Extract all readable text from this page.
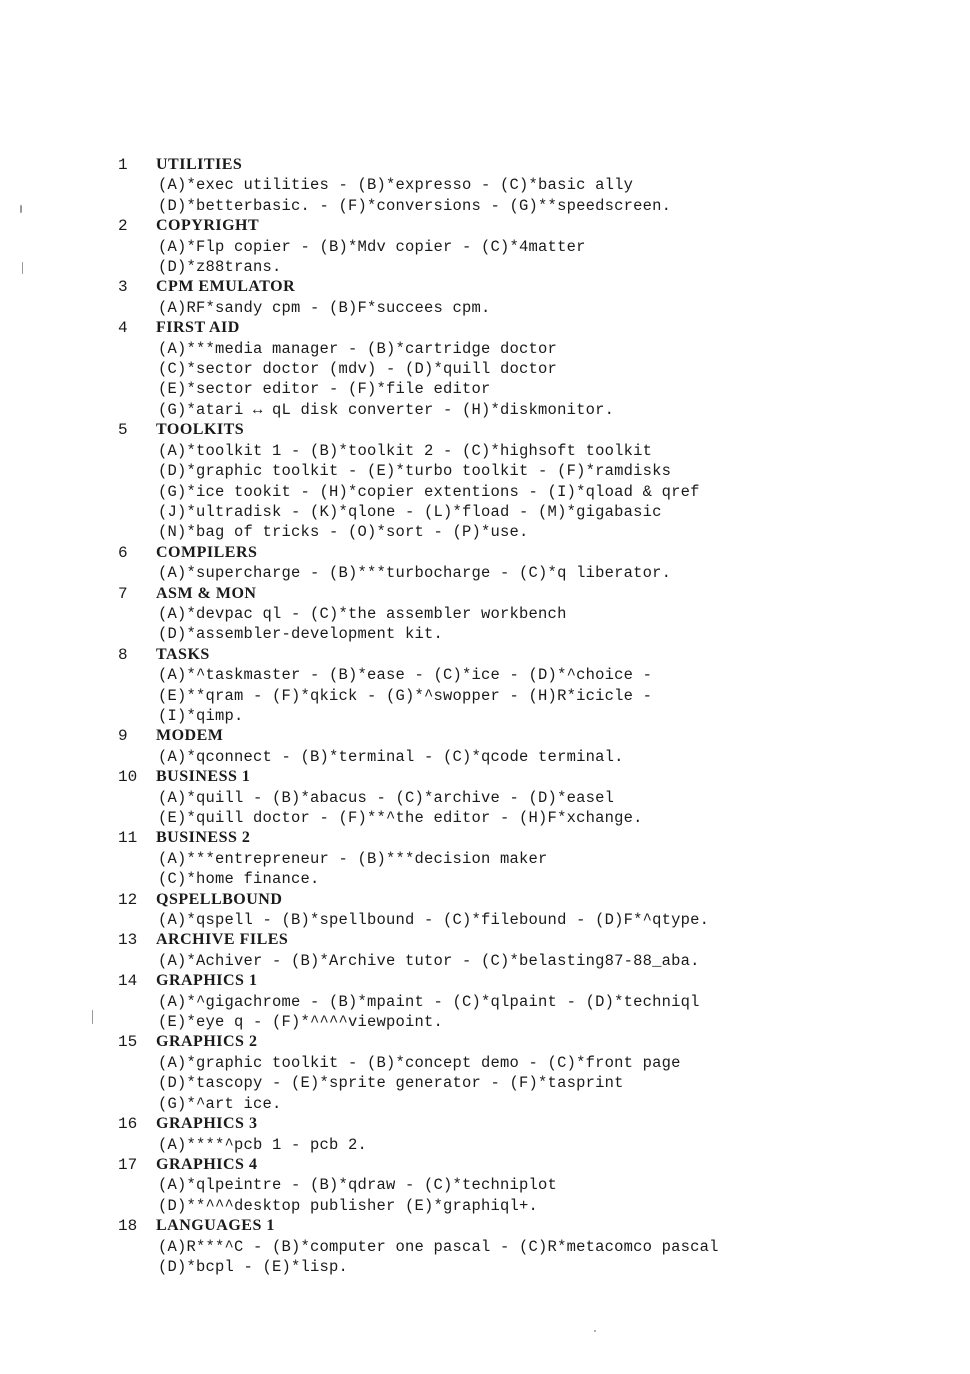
1	UTILITIES
(A)*exec utilities - (B)*expresso - (C)*basic ally
(D)*betterbasic. - (F)*conversions - (G)**speedscreen.
2	COPYRIGHT
(A)*Flp copier - (B)*Mdv copier - (C)*4matter
(D)*z88trans.
3	CPM EMULATOR
(A)RF*sandy cpm - (B)F*succees cpm.
4	FIRST AID
(A)***media manager - (B)*cartridge doctor
(C)*sector doctor (mdv) - (D)*quill doctor
(E)*sector editor - (F)*file editor
(G)*atari ↔ qL disk converter - (H)*diskmonitor.
5	TOOLKITS
(A)*toolkit 1 - (B)*toolkit 2 - (C)*highsoft toolkit
(D)*graphic toolkit - (E)*turbo toolkit - (F)*ramdisks
(G)*ice tookit - (H)*copier extentions - (I)*qload & qref
(J)*ultradisk - (K)*qlone - (L)*fload - (M)*gigabasic
(N)*bag of tricks - (O)*sort - (P)*use.
6	COMPILERS
(A)*supercharge - (B)***turbocharge - (C)*q liberator.
7	ASM & MON
(A)*devpac ql - (C)*the assembler workbench
(D)*assembler-development kit.
8	TASKS
(A)*^taskmaster - (B)*ease - (C)*ice - (D)*^choice -
(E)**qram - (F)*qkick - (G)*^swopper - (H)R*icicle -
(I)*qimp.
9	MODEM
(A)*qconnect - (B)*terminal - (C)*qcode terminal.
10	BUSINESS 1
(A)*quill - (B)*abacus - (C)*archive - (D)*easel
(E)*quill doctor - (F)**^the editor - (H)F*xchange.
11	BUSINESS 2
(A)***entrepreneur - (B)***decision maker
(C)*home finance.
12	QSPELLBOUND
(A)*qspell - (B)*spellbound - (C)*filebound - (D)F*^qtype.
13	ARCHIVE FILES
(A)*Achiver - (B)*Archive tutor - (C)*belasting87-88_aba.
14	GRAPHICS 1
(A)*^gigachrome - (B)*mpaint - (C)*qlpaint - (D)*techniql
(E)*eye q - (F)*^^^^viewpoint.
15	GRAPHICS 2
(A)*graphic toolkit - (B)*concept demo - (C)*front page
(D)*tascopy - (E)*sprite generator - (F)*tasprint
(G)*^art ice.
16	GRAPHICS 3
(A)****^pcb 1 - pcb 2.
17	GRAPHICS 4
(A)*qlpeintre - (B)*qdraw - (C)*techniplot
(D)**^^^desktop publisher (E)*graphiql+.
18	LANGUAGES 1
(A)R***^C - (B)*computer one pascal - (C)R*metacomco pascal
(D)*bcpl - (E)*lisp.
